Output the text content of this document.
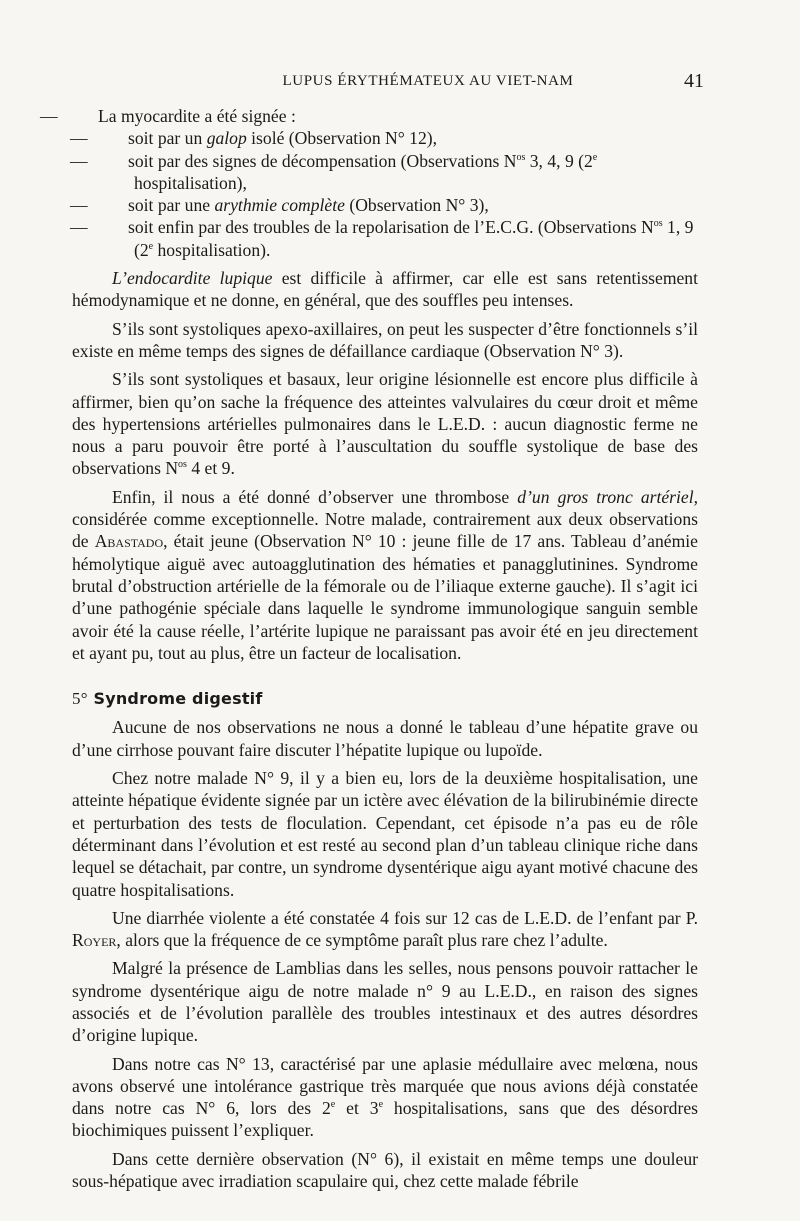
LUPUS ÉRYTHÉMATEUX AU VIET-NAM	41

— La myocardite a été signée :

— soit par un galop isolé (Observation N° 12),

— soit par des signes de décompensation (Observations $N^{os}$ 3, 4, 9 (2e hospitalisation),

— soit par une arythmie complète (Observation N° 3),

— soit enfin par des troubles de la repolarisation de l’E.C.G. (Observations $N^{os}$ 1, 9 (2e hospitalisation).

L’endocardite lupique est difficile à affirmer, car elle est sans retentissement hémodynamique et ne donne, en général, que des souffles peu intenses.

S’ils sont systoliques apexo-axillaires, on peut les suspecter d’être fonctionnels s’il existe en même temps des signes de défaillance cardiaque (Observation N° 3).

S’ils sont systoliques et basaux, leur origine lésionnelle est encore plus difficile à affirmer, bien qu’on sache la fréquence des atteintes valvulaires du cœur droit et même des hypertensions artérielles pulmonaires dans le L.E.D. : aucun diagnostic ferme ne nous a paru pouvoir être porté à l’auscultation du souffle systolique de base des observations $N^{os}$ 4 et 9.

Enfin, il nous a été donné d’observer une thrombose d’un gros tronc artériel, considérée comme exceptionnelle. Notre malade, contrairement aux deux observations de Abastado, était jeune (Observation N° 10 : jeune fille de 17 ans. Tableau d’anémie hémolytique aiguë avec autoagglutination des hématies et panagglutinines. Syndrome brutal d’obstruction artérielle de la fémorale ou de l’iliaque externe gauche). Il s’agit ici d’une pathogénie spéciale dans laquelle le syndrome immunologique sanguin semble avoir été la cause réelle, l’artérite lupique ne paraissant pas avoir été en jeu directement et ayant pu, tout au plus, être un facteur de localisation.

5° Syndrome digestif

Aucune de nos observations ne nous a donné le tableau d’une hépatite grave ou d’une cirrhose pouvant faire discuter l’hépatite lupique ou lupoïde.

Chez notre malade N° 9, il y a bien eu, lors de la deuxième hospitalisation, une atteinte hépatique évidente signée par un ictère avec élévation de la bilirubinémie directe et perturbation des tests de floculation. Cependant, cet épisode n’a pas eu de rôle déterminant dans l’évolution et est resté au second plan d’un tableau clinique riche dans lequel se détachait, par contre, un syndrome dysentérique aigu ayant motivé chacune des quatre hospitalisations.

Une diarrhée violente a été constatée 4 fois sur 12 cas de L.E.D. de l’enfant par P. Royer, alors que la fréquence de ce symptôme paraît plus rare chez l’adulte.

Malgré la présence de Lamblias dans les selles, nous pensons pouvoir rattacher le syndrome dysentérique aigu de notre malade n° 9 au L.E.D., en raison des signes associés et de l’évolution parallèle des troubles intestinaux et des autres désordres d’origine lupique.

Dans notre cas N° 13, caractérisé par une aplasie médullaire avec melœna, nous avons observé une intolérance gastrique très marquée que nous avions déjà constatée dans notre cas N° 6, lors des 2e et 3e hospitalisations, sans que des désordres biochimiques puissent l’expliquer.

Dans cette dernière observation (N° 6), il existait en même temps une douleur sous-hépatique avec irradiation scapulaire qui, chez cette malade fébrile
